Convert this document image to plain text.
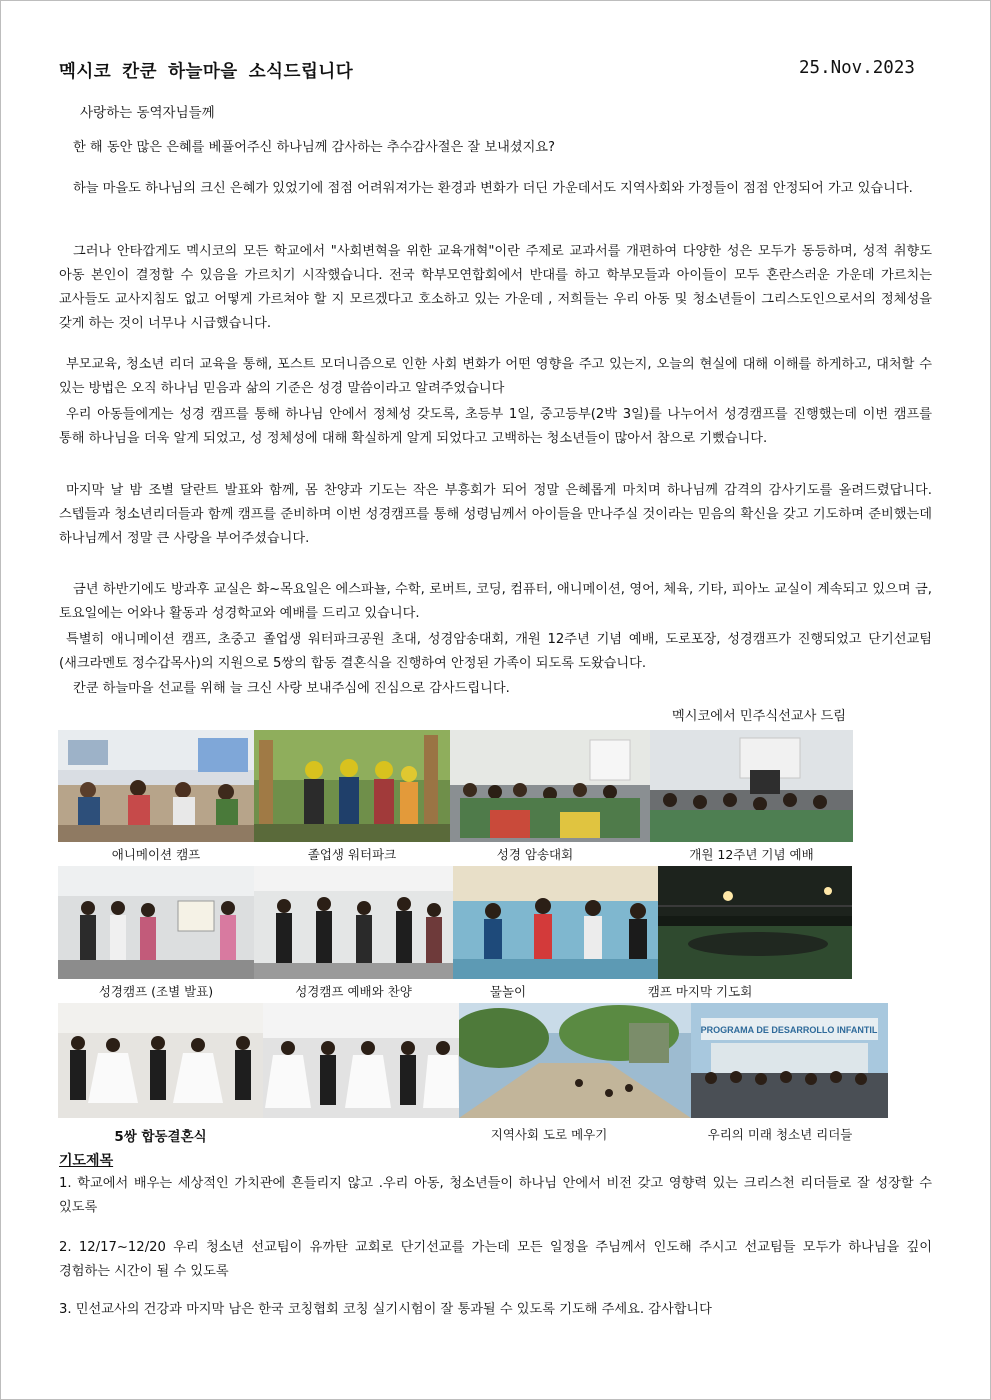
멕시코 칸쿤 하늘마을 소식드립니다	25.Nov.2023
사랑하는 동역자님들께

한 해 동안 많은 은혜를 베풀어주신 하나님께 감사하는 추수감사절은 잘 보내셨지요?

하늘 마을도 하나님의 크신 은혜가 있었기에 점점 어려워져가는 환경과 변화가 더딘 가운데서도 지역사회와 가정들이 점점 안정되어 가고 있습니다.

그러나 안타깝게도 멕시코의 모든 학교에서 "사회변혁을 위한 교육개혁"이란 주제로 교과서를 개편하여 다양한 성은 모두가 동등하며, 성적 취향도 아동 본인이 결정할 수 있음을 가르치기 시작했습니다. 전국 학부모연합회에서 반대를 하고 학부모들과 아이들이 모두 혼란스러운 가운데 가르치는 교사들도 교사지침도 없고 어떻게 가르쳐야 할 지 모르겠다고 호소하고 있는 가운데 , 저희들는 우리 아동 및 청소년들이 그리스도인으로서의 정체성을 갖게 하는 것이 너무나 시급했습니다.

부모교육, 청소년 리더 교육을 통해, 포스트 모더니즘으로 인한 사회 변화가 어떤 영향을 주고 있는지, 오늘의 현실에 대해 이해를 하게하고, 대처할 수 있는 방법은 오직 하나님 믿음과 삶의 기준은 성경 말씀이라고 알려주었습니다

우리 아동들에게는 성경 캠프를 통해 하나님 안에서 정체성 갖도록, 초등부 1일, 중고등부(2박 3일)를 나누어서 성경캠프를 진행했는데 이번 캠프를 통해 하나님을 더욱 알게 되었고, 성 정체성에 대해 확실하게 알게 되었다고 고백하는 청소년들이 많아서 참으로 기뻤습니다.

마지막 날 밤 조별 달란트 발표와 함께, 몸 찬양과 기도는 작은 부흥회가 되어 정말 은혜롭게 마치며 하나님께 감격의 감사기도를 올려드렸답니다. 스텝들과 청소년리더들과 함께 캠프를 준비하며 이번 성경캠프를 통해 성령님께서 아이들을 만나주실 것이라는 믿음의 확신을 갖고 기도하며 준비했는데 하나님께서 정말 큰 사랑을 부어주셨습니다.

금년 하반기에도 방과후 교실은 화~목요일은 에스파뇰, 수학, 로버트, 코딩, 컴퓨터, 애니메이션, 영어, 체육, 기타, 피아노 교실이 계속되고 있으며 금, 토요일에는 어와나 활동과 성경학교와 예배를 드리고 있습니다.

특별히 애니메이션 캠프, 초중고 졸업생 워터파크공원 초대, 성경암송대회, 개원 12주년 기념 예배, 도로포장, 성경캠프가 진행되었고 단기선교팀(새크라멘토 정수갑목사)의 지원으로 5쌍의 합동 결혼식을 진행하여 안정된 가족이 되도록 도왔습니다.

칸쿤 하늘마을 선교를 위해 늘 크신 사랑 보내주심에 진심으로 감사드립니다.

멕시코에서 민주식선교사 드림
애니메이션 캠프	졸업생 워터파크	성경 암송대회	개원 12주년 기념 예배
성경캠프 (조별 발표)	성경캠프 예배와 찬양	물놀이	캠프 마지막 기도회
PROGRAMA DE DESARROLLO INFANTIL
5쌍 합동결혼식	지역사회 도로 메우기	우리의 미래 청소년 리더들
기도제목

1. 학교에서 배우는 세상적인 가치관에 흔들리지 않고 .우리 아동, 청소년들이 하나님 안에서 비전 갖고 영향력 있는 크리스천 리더들로 잘 성장할 수 있도록

2. 12/17~12/20 우리 청소년 선교팀이 유까탄 교회로 단기선교를 가는데 모든 일정을 주님께서 인도해 주시고 선교팀들 모두가 하나님을 깊이 경험하는 시간이 될 수 있도록

3. 민선교사의 건강과 마지막 남은 한국 코칭협회 코칭 실기시험이 잘 통과될 수 있도록 기도해 주세요. 감사합니다
